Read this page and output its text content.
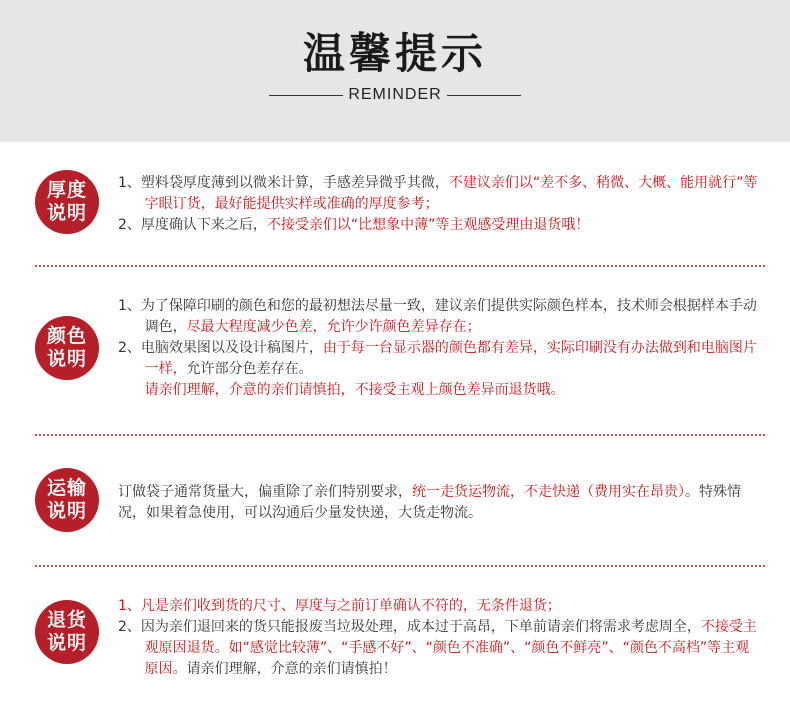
温馨提示
REMINDER
厚度
说明
1、塑料袋厚度薄到以微米计算，手感差异微乎其微，不建议亲们以“差不多、稍微、大概、能用就行”等字眼订货，最好能提供实样或准确的厚度参考；
2、厚度确认下来之后，不接受亲们以“比想象中薄”等主观感受理由退货哦！
颜色
说明
1、为了保障印刷的颜色和您的最初想法尽量一致，建议亲们提供实际颜色样本，技术师会根据样本手动调色，尽最大程度减少色差，允许少许颜色差异存在；
2、电脑效果图以及设计稿图片，由于每一台显示器的颜色都有差异，实际印刷没有办法做到和电脑图片一样，允许部分色差存在。
请亲们理解，介意的亲们请慎拍，不接受主观上颜色差异而退货哦。
运输
说明
订做袋子通常货量大，偏重除了亲们特别要求，统一走货运物流，不走快递（费用实在昂贵）。特殊情况，如果着急使用，可以沟通后少量发快递，大货走物流。
退货
说明
1、凡是亲们收到货的尺寸、厚度与之前订单确认不符的，无条件退货；
2、因为亲们退回来的货只能报废当垃圾处理，成本过于高昂，下单前请亲们将需求考虑周全，不接受主观原因退货。如“感觉比较薄”、“手感不好”、“颜色不准确”、“颜色不鲜亮”、“颜色不高档”等主观原因。请亲们理解，介意的亲们请慎拍！
